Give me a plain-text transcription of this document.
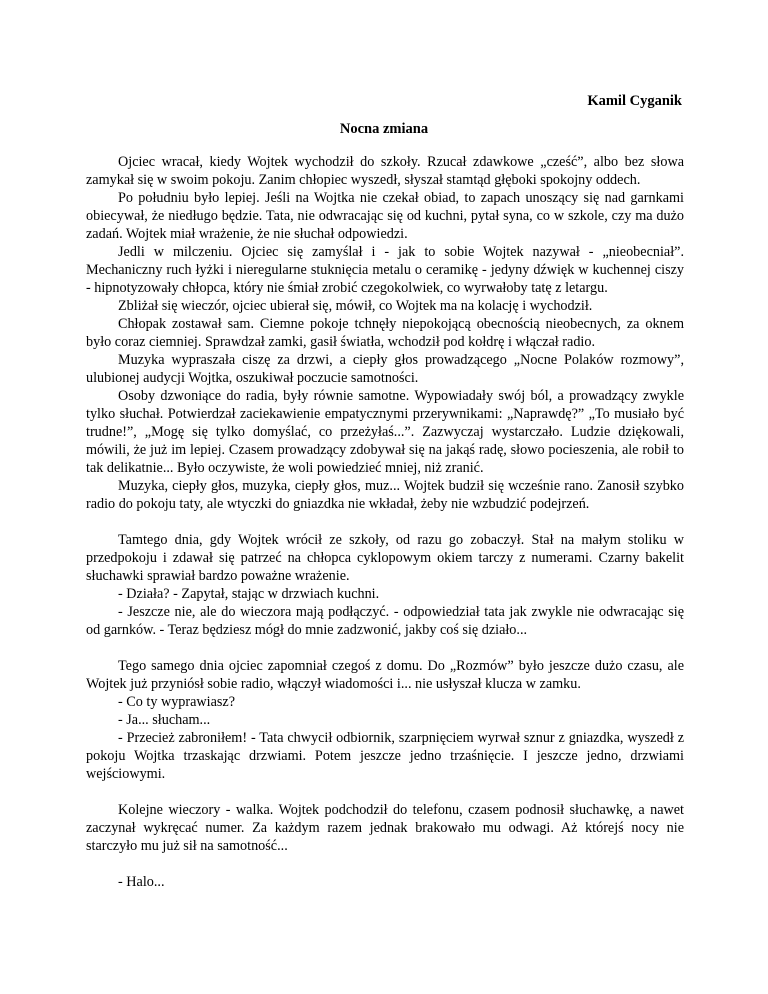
Kamil Cyganik
Nocna zmiana

Ojciec wracał, kiedy Wojtek wychodził do szkoły. Rzucał zdawkowe „cześć”, albo bez słowa zamykał się w swoim pokoju. Zanim chłopiec wyszedł, słyszał stamtąd głęboki spokojny oddech.

Po południu było lepiej. Jeśli na Wojtka nie czekał obiad, to zapach unoszący się nad garnkami obiecywał, że niedługo będzie. Tata, nie odwracając się od kuchni, pytał syna, co w szkole, czy ma dużo zadań. Wojtek miał wrażenie, że nie słuchał odpowiedzi.

Jedli w milczeniu. Ojciec się zamyślał i - jak to sobie Wojtek nazywał - „nieobecniał”. Mechaniczny ruch łyżki i nieregularne stuknięcia metalu o ceramikę - jedyny dźwięk w kuchennej ciszy - hipnotyzowały chłopca, który nie śmiał zrobić czegokolwiek, co wyrwałoby tatę z letargu.

Zbliżał się wieczór, ojciec ubierał się, mówił, co Wojtek ma na kolację i wychodził.

Chłopak zostawał sam. Ciemne pokoje tchnęły niepokojącą obecnością nieobecnych, za oknem było coraz ciemniej. Sprawdzał zamki, gasił światła, wchodził pod kołdrę i włączał radio.

Muzyka wypraszała ciszę za drzwi, a ciepły głos prowadzącego „Nocne Polaków rozmowy”, ulubionej audycji Wojtka, oszukiwał poczucie samotności.

Osoby dzwoniące do radia, były równie samotne. Wypowiadały swój ból, a prowadzący zwykle tylko słuchał. Potwierdzał zaciekawienie empatycznymi przerywnikami: „Naprawdę?” „To musiało być trudne!”, „Mogę się tylko domyślać, co przeżyłaś...”. Zazwyczaj wystarczało. Ludzie dziękowali, mówili, że już im lepiej. Czasem prowadzący zdobywał się na jakąś radę, słowo pocieszenia, ale robił to tak delikatnie... Było oczywiste, że woli powiedzieć mniej, niż zranić.

Muzyka, ciepły głos, muzyka, ciepły głos, muz... Wojtek budził się wcześnie rano. Zanosił szybko radio do pokoju taty, ale wtyczki do gniazdka nie wkładał, żeby nie wzbudzić podejrzeń.

Tamtego dnia, gdy Wojtek wrócił ze szkoły, od razu go zobaczył. Stał na małym stoliku w przedpokoju i zdawał się patrzeć na chłopca cyklopowym okiem tarczy z numerami. Czarny bakelit słuchawki sprawiał bardzo poważne wrażenie.

- Działa? - Zapytał, stając w drzwiach kuchni.

- Jeszcze nie, ale do wieczora mają podłączyć. - odpowiedział tata jak zwykle nie odwracając się od garnków. - Teraz będziesz mógł do mnie zadzwonić, jakby coś się działo...

Tego samego dnia ojciec zapomniał czegoś z domu. Do „Rozmów” było jeszcze dużo czasu, ale Wojtek już przyniósł sobie radio, włączył wiadomości i... nie usłyszał klucza w zamku.

- Co ty wyprawiasz?

- Ja... słucham...

- Przecież zabroniłem! - Tata chwycił odbiornik, szarpnięciem wyrwał sznur z gniazdka, wyszedł z pokoju Wojtka trzaskając drzwiami. Potem jeszcze jedno trzaśnięcie. I jeszcze jedno, drzwiami wejściowymi.

Kolejne wieczory - walka. Wojtek podchodził do telefonu, czasem podnosił słuchawkę, a nawet zaczynał wykręcać numer. Za każdym razem jednak brakowało mu odwagi. Aż którejś nocy nie starczyło mu już sił na samotność...

- Halo...
